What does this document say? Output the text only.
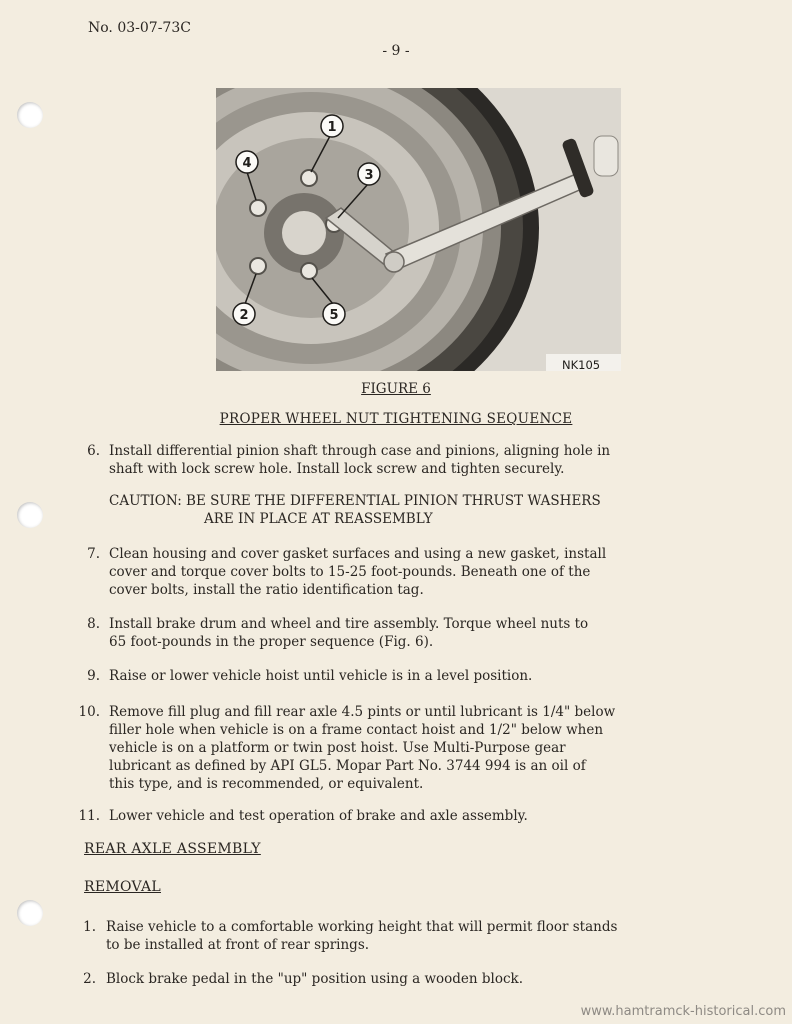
No. 03-07-73C
- 9 -
1
4
3
2	5
NK105
FIGURE 6
PROPER WHEEL NUT TIGHTENING SEQUENCE
6. Install differential pinion shaft through case and pinions, aligning hole in

shaft with lock screw hole. Install lock screw and tighten securely.

CAUTION: BE SURE THE DIFFERENTIAL PINION THRUST WASHERS

ARE IN PLACE AT REASSEMBLY

7. Clean housing and cover gasket surfaces and using a new gasket, install

cover and torque cover bolts to 15-25 foot-pounds. Beneath one of the

cover bolts, install the ratio identification tag.

8. Install brake drum and wheel and tire assembly. Torque wheel nuts to

65 foot-pounds in the proper sequence (Fig. 6).

9. Raise or lower vehicle hoist until vehicle is in a level position.

10. Remove fill plug and fill rear axle 4.5 pints or until lubricant is 1/4" below

filler hole when vehicle is on a frame contact hoist and 1/2" below when

vehicle is on a platform or twin post hoist. Use Multi-Purpose gear

lubricant as defined by API GL5. Mopar Part No. 3744 994 is an oil of

this type, and is recommended, or equivalent.

11. Lower vehicle and test operation of brake and axle assembly.

REAR AXLE ASSEMBLY
REMOVAL
1. Raise vehicle to a comfortable working height that will permit floor stands

to be installed at front of rear springs.

2. Block brake pedal in the "up" position using a wooden block.

www.hamtramck-historical.com
